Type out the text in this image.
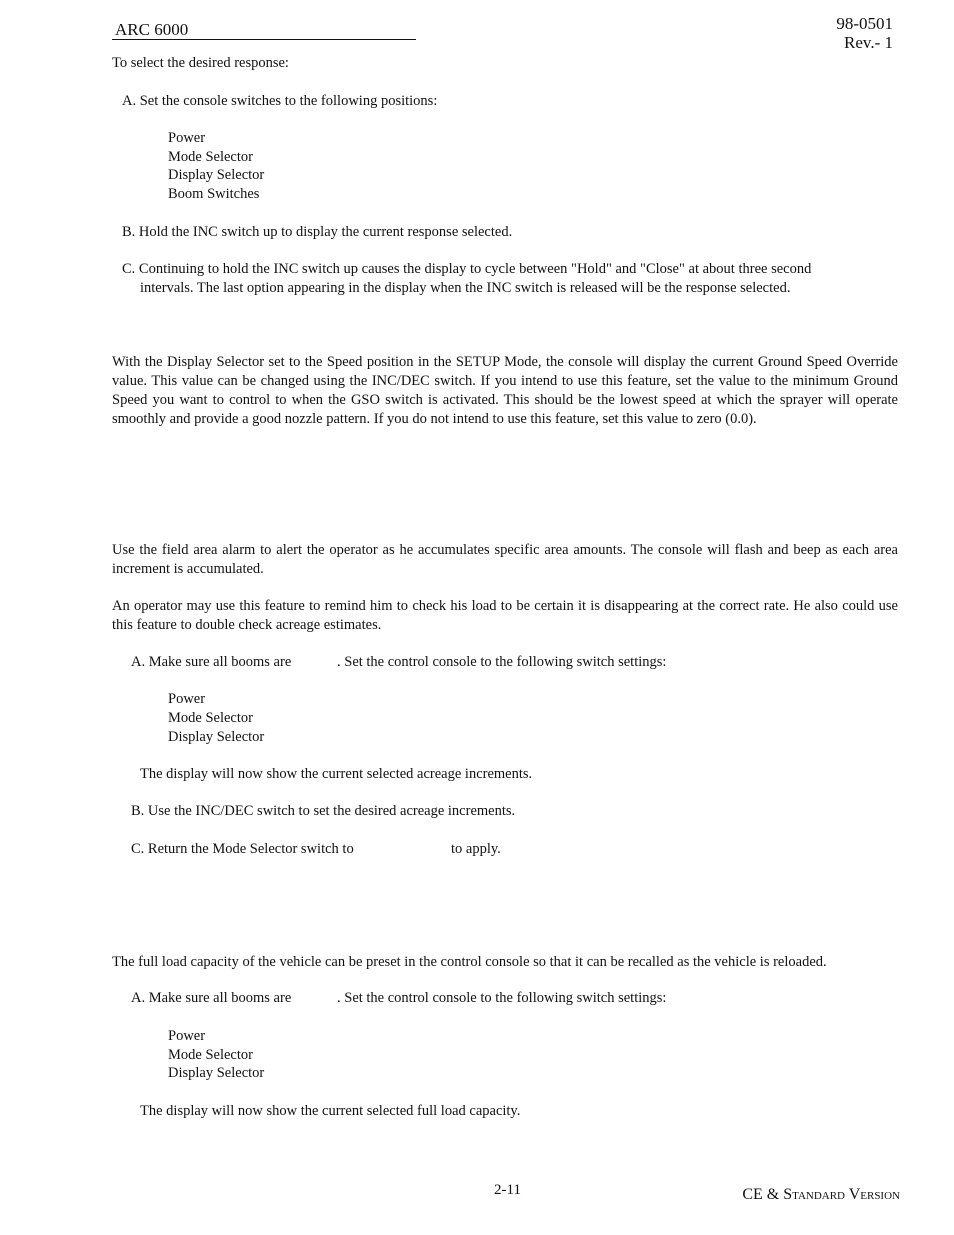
ARC 6000	98-0501
Rev.- 1
To select the desired response:
A. Set the console switches to the following positions:
Power
Mode Selector
Display Selector
Boom Switches
B. Hold the INC switch up to display the current response selected.
C. Continuing to hold the INC switch up causes the display to cycle between "Hold" and "Close" at about three second
intervals. The last option appearing in the display when the INC switch is released will be the response selected.
With the Display Selector set to the Speed position in the SETUP Mode, the console will display the current Ground Speed Override value. This value can be changed using the INC/DEC switch. If you intend to use this feature, set the value to the minimum Ground Speed you want to control to when the GSO switch is activated. This should be the lowest speed at which the sprayer will operate smoothly and provide a good nozzle pattern. If you do not intend to use this feature, set this value to zero (0.0).
Use the field area alarm to alert the operator as he accumulates specific area amounts. The console will flash and beep as each area increment is accumulated.
An operator may use this feature to remind him to check his load to be certain it is disappearing at the correct rate. He also could use this feature to double check acreage estimates.
A. Make sure all booms are	. Set the control console to the following switch settings:
Power
Mode Selector
Display Selector
The display will now show the current selected acreage increments.
B. Use the INC/DEC switch to set the desired acreage increments.
C. Return the Mode Selector switch to	to apply.
The full load capacity of the vehicle can be preset in the control console so that it can be recalled as the vehicle is reloaded.
A. Make sure all booms are	. Set the control console to the following switch settings:
Power
Mode Selector
Display Selector
The display will now show the current selected full load capacity.
2-11	CE & Standard Version
